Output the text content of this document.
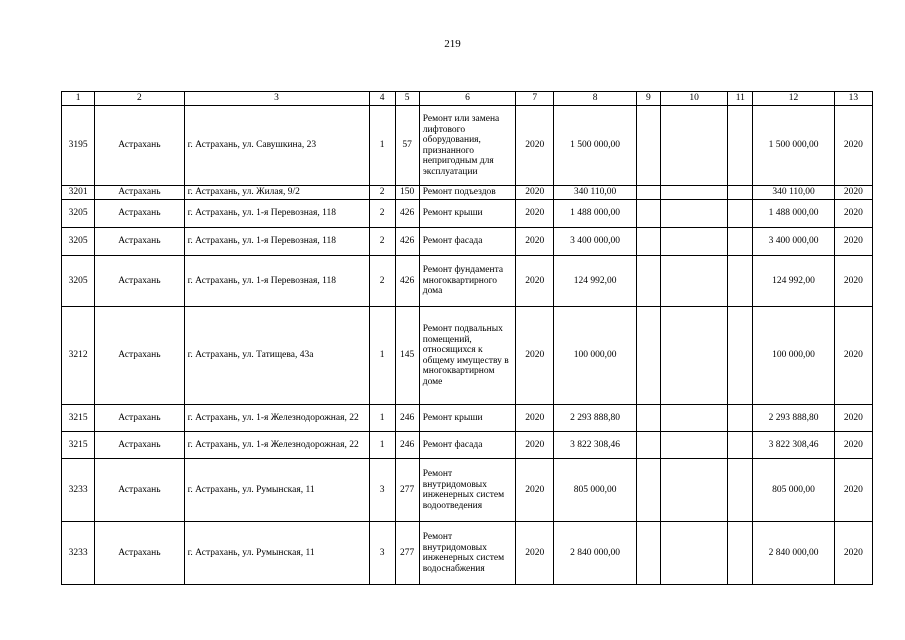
219
1	2	3	4	5	6	7	8	9	10	11	12	13
3195	Астрахань	г. Астрахань, ул. Савушкина, 23	1	57	Ремонт или замена лифтового оборудования, признанного непригодным для эксплуатации	2020	1 500 000,00				1 500 000,00	2020
3201	Астрахань	г. Астрахань, ул. Жилая, 9/2	2	150	Ремонт подъездов	2020	340 110,00				340 110,00	2020
3205	Астрахань	г. Астрахань, ул. 1-я Перевозная, 118	2	426	Ремонт крыши	2020	1 488 000,00				1 488 000,00	2020
3205	Астрахань	г. Астрахань, ул. 1-я Перевозная, 118	2	426	Ремонт фасада	2020	3 400 000,00				3 400 000,00	2020
3205	Астрахань	г. Астрахань, ул. 1-я Перевозная, 118	2	426	Ремонт фундамента многоквартирного дома	2020	124 992,00				124 992,00	2020
3212	Астрахань	г. Астрахань, ул. Татищева, 43а	1	145	Ремонт подвальных помещений, относящихся к общему имуществу в многоквартирном доме	2020	100 000,00				100 000,00	2020
3215	Астрахань	г. Астрахань, ул. 1-я Железнодорожная, 22	1	246	Ремонт крыши	2020	2 293 888,80				2 293 888,80	2020
3215	Астрахань	г. Астрахань, ул. 1-я Железнодорожная, 22	1	246	Ремонт фасада	2020	3 822 308,46				3 822 308,46	2020
3233	Астрахань	г. Астрахань, ул. Румынская, 11	3	277	Ремонт внутридомовых инженерных систем водоотведения	2020	805 000,00				805 000,00	2020
3233	Астрахань	г. Астрахань, ул. Румынская, 11	3	277	Ремонт внутридомовых инженерных систем водоснабжения	2020	2 840 000,00				2 840 000,00	2020
